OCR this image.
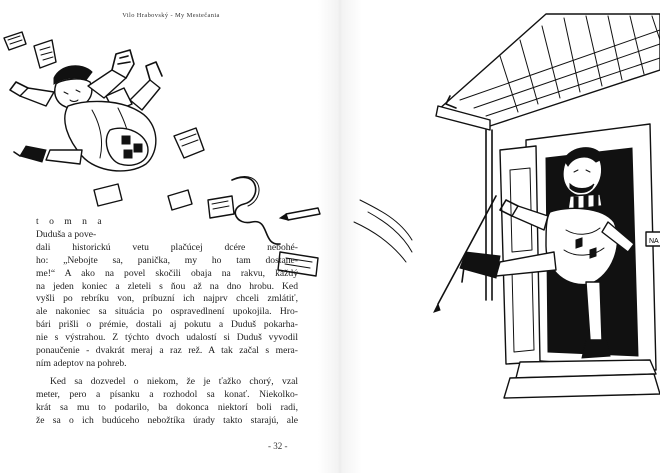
Vilo Hrabovský - My Mestečania
t o m n a
Duduša a pove-
dali historickú vetu plačúcej dcére nebohé-
ho: „Nebojte sa, panička, my ho tam dostane-
me!“ A ako na povel skočili obaja na rakvu, každý
na jeden koniec a zleteli s ňou až na dno hrobu. Ked
vyšli po rebríku von, príbuzní ich najprv chceli zmlátiť,
ale nakoniec sa situácia po ospravedlnení upokojila. Hro-
bári prišli o prémie, dostali aj pokutu a Duduš pokarha-
nie s výstrahou. Z týchto dvoch udalostí si Duduš vyvodil
ponaučenie - dvakrát meraj a raz rež. A tak začal s mera-
ním adeptov na pohreb.
Ked sa dozvedel o niekom, že je ťažko chorý, vzal
meter, pero a písanku a rozhodol sa konať. Niekolko-
krát sa mu to podarilo, ba dokonca niektorí boli radi,
že sa o ich budúceho nebožtíka úrady takto starajú, ale
- 32 -
NA
